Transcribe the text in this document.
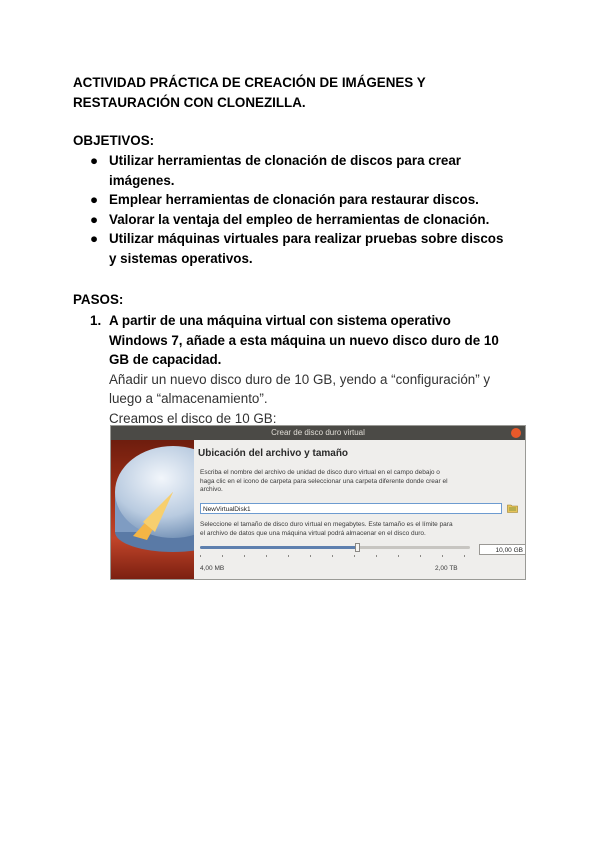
ACTIVIDAD PRÁCTICA DE CREACIÓN DE IMÁGENES Y
RESTAURACIÓN CON CLONEZILLA.
OBJETIVOS:
● Utilizar herramientas de clonación de discos para crear
imágenes.
● Emplear herramientas de clonación para restaurar discos.
● Valorar la ventaja del empleo de herramientas de clonación.
● Utilizar máquinas virtuales para realizar pruebas sobre discos
y sistemas operativos.
PASOS:
1. A partir de una máquina virtual con sistema operativo
Windows 7, añade a esta máquina un nuevo disco duro de 10
GB de capacidad.
Añadir un nuevo disco duro de 10 GB, yendo a “configuración” y
luego a “almacenamiento”.
Creamos el disco de 10 GB:
Crear de disco duro virtual
Ubicación del archivo y tamaño
Escriba el nombre del archivo de unidad de disco duro virtual en el campo debajo o
haga clic en el icono de carpeta para seleccionar una carpeta diferente donde crear el
archivo.
NewVirtualDisk1
Seleccione el tamaño de disco duro virtual en megabytes. Este tamaño es el límite para
el archivo de datos que una máquina virtual podrá almacenar en el disco duro.
10,00 GB
4,00 MB	2,00 TB
